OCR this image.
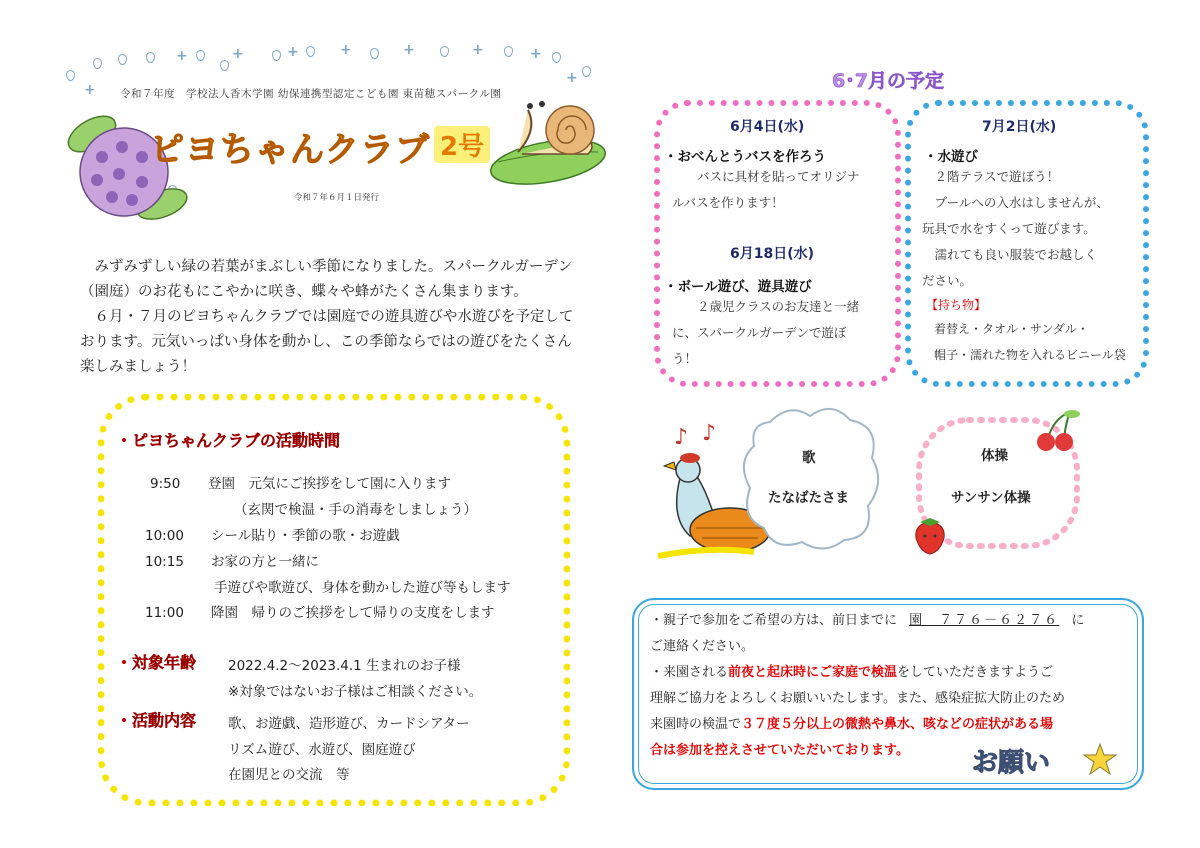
+
+	+	+	+	+	+	+
+
令和７年度　学校法人香木学園 幼保連携型認定こども園 東苗穂スパークル園
ピヨちゃんクラブ 2号
令和７年６月１日発行

みずみずしい緑の若葉がまぶしい季節になりました。スパークルガーデン（園庭）のお花もにこやかに咲き、蝶々や蜂がたくさん集まります。

６月・７月のピヨちゃんクラブでは園庭での遊具遊びや水遊びを予定しております。元気いっぱい身体を動かし、この季節ならではの遊びをたくさん楽しみましょう！

・ピヨちゃんクラブの活動時間
9:50 登園　元気にご挨拶をして園に入ります
（玄関で検温・手の消毒をしましょう）
10:00 シール貼り・季節の歌・お遊戯
10:15 お家の方と一緒に
手遊びや歌遊び、身体を動かした遊び等もします
11:00 降園　帰りのご挨拶をして帰りの支度をします
・対象年齢 2022.4.2～2023.4.1 生まれのお子様
※対象ではないお子様はご相談ください。
・活動内容 歌、お遊戯、造形遊び、カードシアター
リズム遊び、水遊び、園庭遊び
在園児との交流　等
6･7月の予定
6月4日(水)
・おべんとうバスを作ろう
バスに具材を貼ってオリジナ
ルバスを作ります！
6月18日(水)
・ボール遊び、遊具遊び
２歳児クラスのお友達と一緒
に、スパークルガーデンで遊ぼ
う！
7月2日(水)
・水遊び
２階テラスで遊ぼう！
プールへの入水はしませんが、
玩具で水をすくって遊びます。
濡れても良い服装でお越しく
ださい。
【持ち物】
着替え・タオル・サンダル・
帽子・濡れた物を入れるビニール袋
♪ ♪
歌
たなばたさま
体操
サンサン体操
・親子で参加をご希望の方は、前日までに 園　７７６－６２７６ に
ご連絡ください。
・来園される前夜と起床時にご家庭で検温をしていただきますようご
理解ご協力をよろしくお願いいたします。また、感染症拡大防止のため
来園時の検温で３７度５分以上の微熱や鼻水、咳などの症状がある場
合は参加を控えさせていただいております。	お願い
